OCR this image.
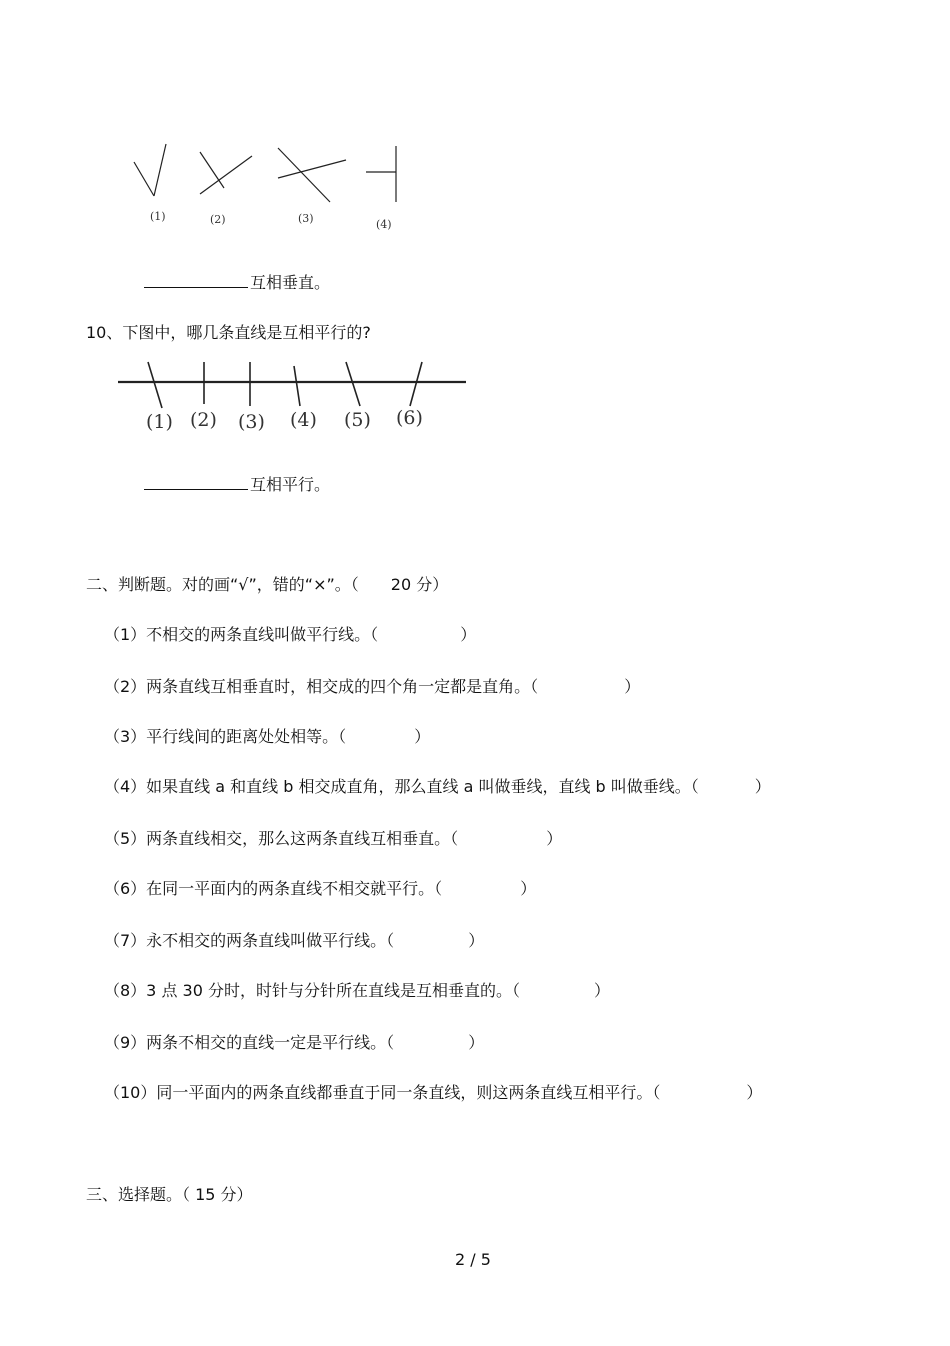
(1)	(2)	(3)	(4)
互相垂直。
10、下图中，哪几条直线是互相平行的?
(1) (2) (3) (4) (5) (6)
互相平行。
二、判断题。对的画“√”，错的“×”。（ 20 分）
（1）不相交的两条直线叫做平行线。（	）
（2）两条直线互相垂直时，相交成的四个角一定都是直角。（	）
（3）平行线间的距离处处相等。（	）
（4）如果直线 a 和直线 b 相交成直角，那么直线 a 叫做垂线，直线 b 叫做垂线。（	）
（5）两条直线相交，那么这两条直线互相垂直。（	）
（6）在同一平面内的两条直线不相交就平行。（	）
（7）永不相交的两条直线叫做平行线。（	）
（8）3 点 30 分时，时针与分针所在直线是互相垂直的。（	）
（9）两条不相交的直线一定是平行线。（	）
（10）同一平面内的两条直线都垂直于同一条直线，则这两条直线互相平行。（	）
三、选择题。（ 15 分）
2 / 5
